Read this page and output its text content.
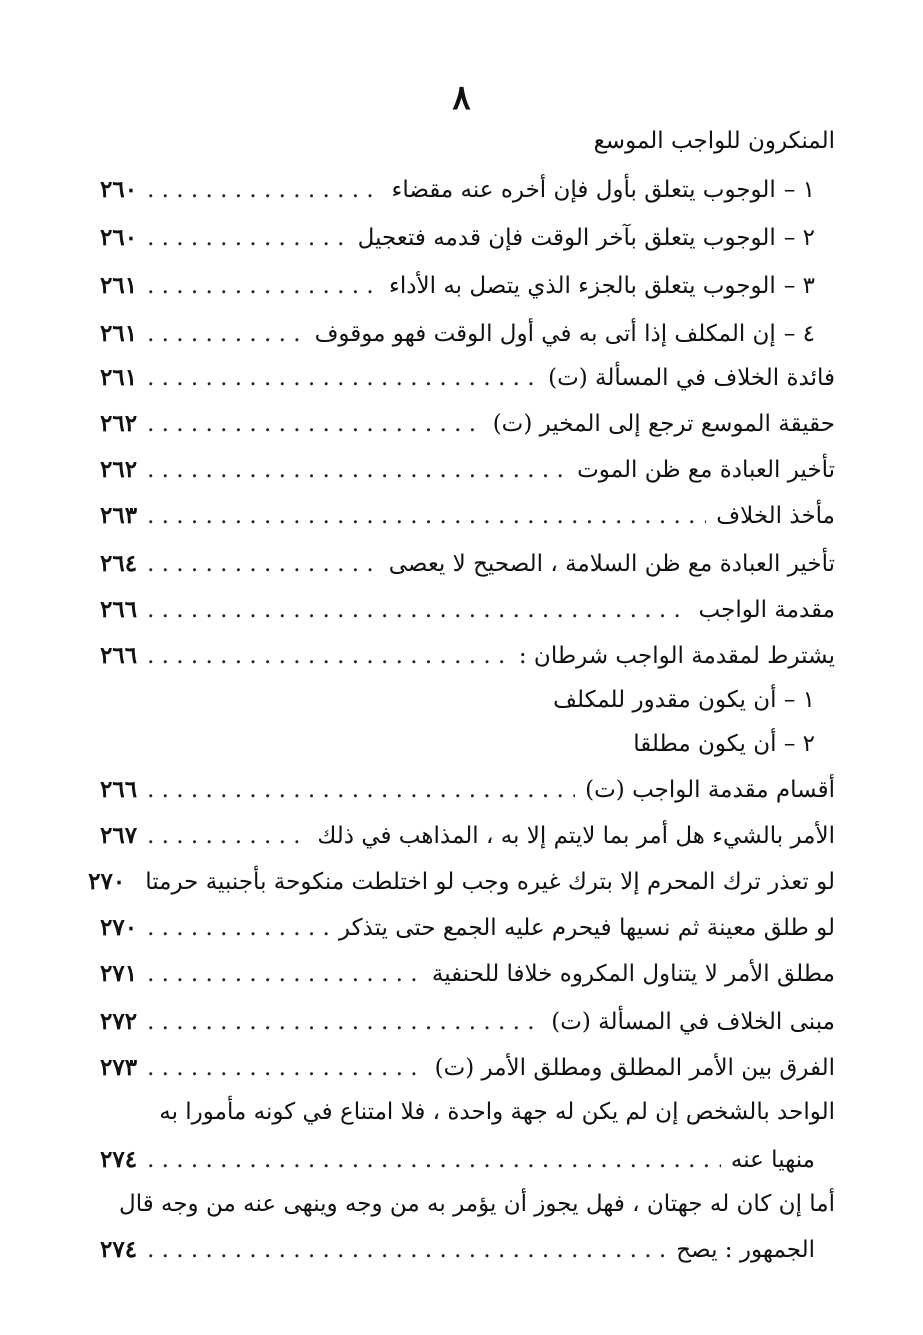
٨
المنكرون للواجب الموسع
١ –
الوجوب يتعلق بأول فإن أخره عنه مقضاء
. . .
٢٦٠
٢ –
الوجوب يتعلق بآخر الوقت فإن قدمه فتعجيل
. . .
٢٦٠
٣ –
الوجوب يتعلق بالجزء الذي يتصل به الأداء
. . .
٢٦١
٤ –
إن المكلف إذا أتى به في أول الوقت فهو موقوف
. . .
٢٦١
فائدة الخلاف في المسألة (ت)
. . .
٢٦١
حقيقة الموسع ترجع إلى المخير (ت)
. . .
٢٦٢
تأخير العبادة مع ظن الموت
. . .
٢٦٢
مأخذ الخلاف
. . .
٢٦٣
تأخير العبادة مع ظن السلامة ، الصحيح لا يعصى
. . .
٢٦٤
مقدمة الواجب
. . .
٢٦٦
يشترط لمقدمة الواجب شرطان :
. . .
٢٦٦
١ – أن يكون مقدور للمكلف
٢ – أن يكون مطلقا
أقسام مقدمة الواجب (ت)
. . .
٢٦٦
الأمر بالشيء هل أمر بما لايتم إلا به ، المذاهب في ذلك
. . .
٢٦٧
لو تعذر ترك المحرم إلا بترك غيره وجب لو اختلطت منكوحة بأجنبية حرمتا
٢٧٠
لو طلق معينة ثم نسيها فيحرم عليه الجمع حتى يتذكر
. . .
٢٧٠
مطلق الأمر لا يتناول المكروه خلافا للحنفية
. . .
٢٧١
مبنى الخلاف في المسألة (ت)
. . .
٢٧٢
الفرق بين الأمر المطلق ومطلق الأمر (ت)
. . .
٢٧٣
الواحد بالشخص إن لم يكن له جهة واحدة ، فلا امتناع في كونه مأمورا به
منهيا عنه
. . .
٢٧٤
أما إن كان له جهتان ، فهل يجوز أن يؤمر به من وجه وينهى عنه من وجه قال
الجمهور : يصح
. . .
٢٧٤
